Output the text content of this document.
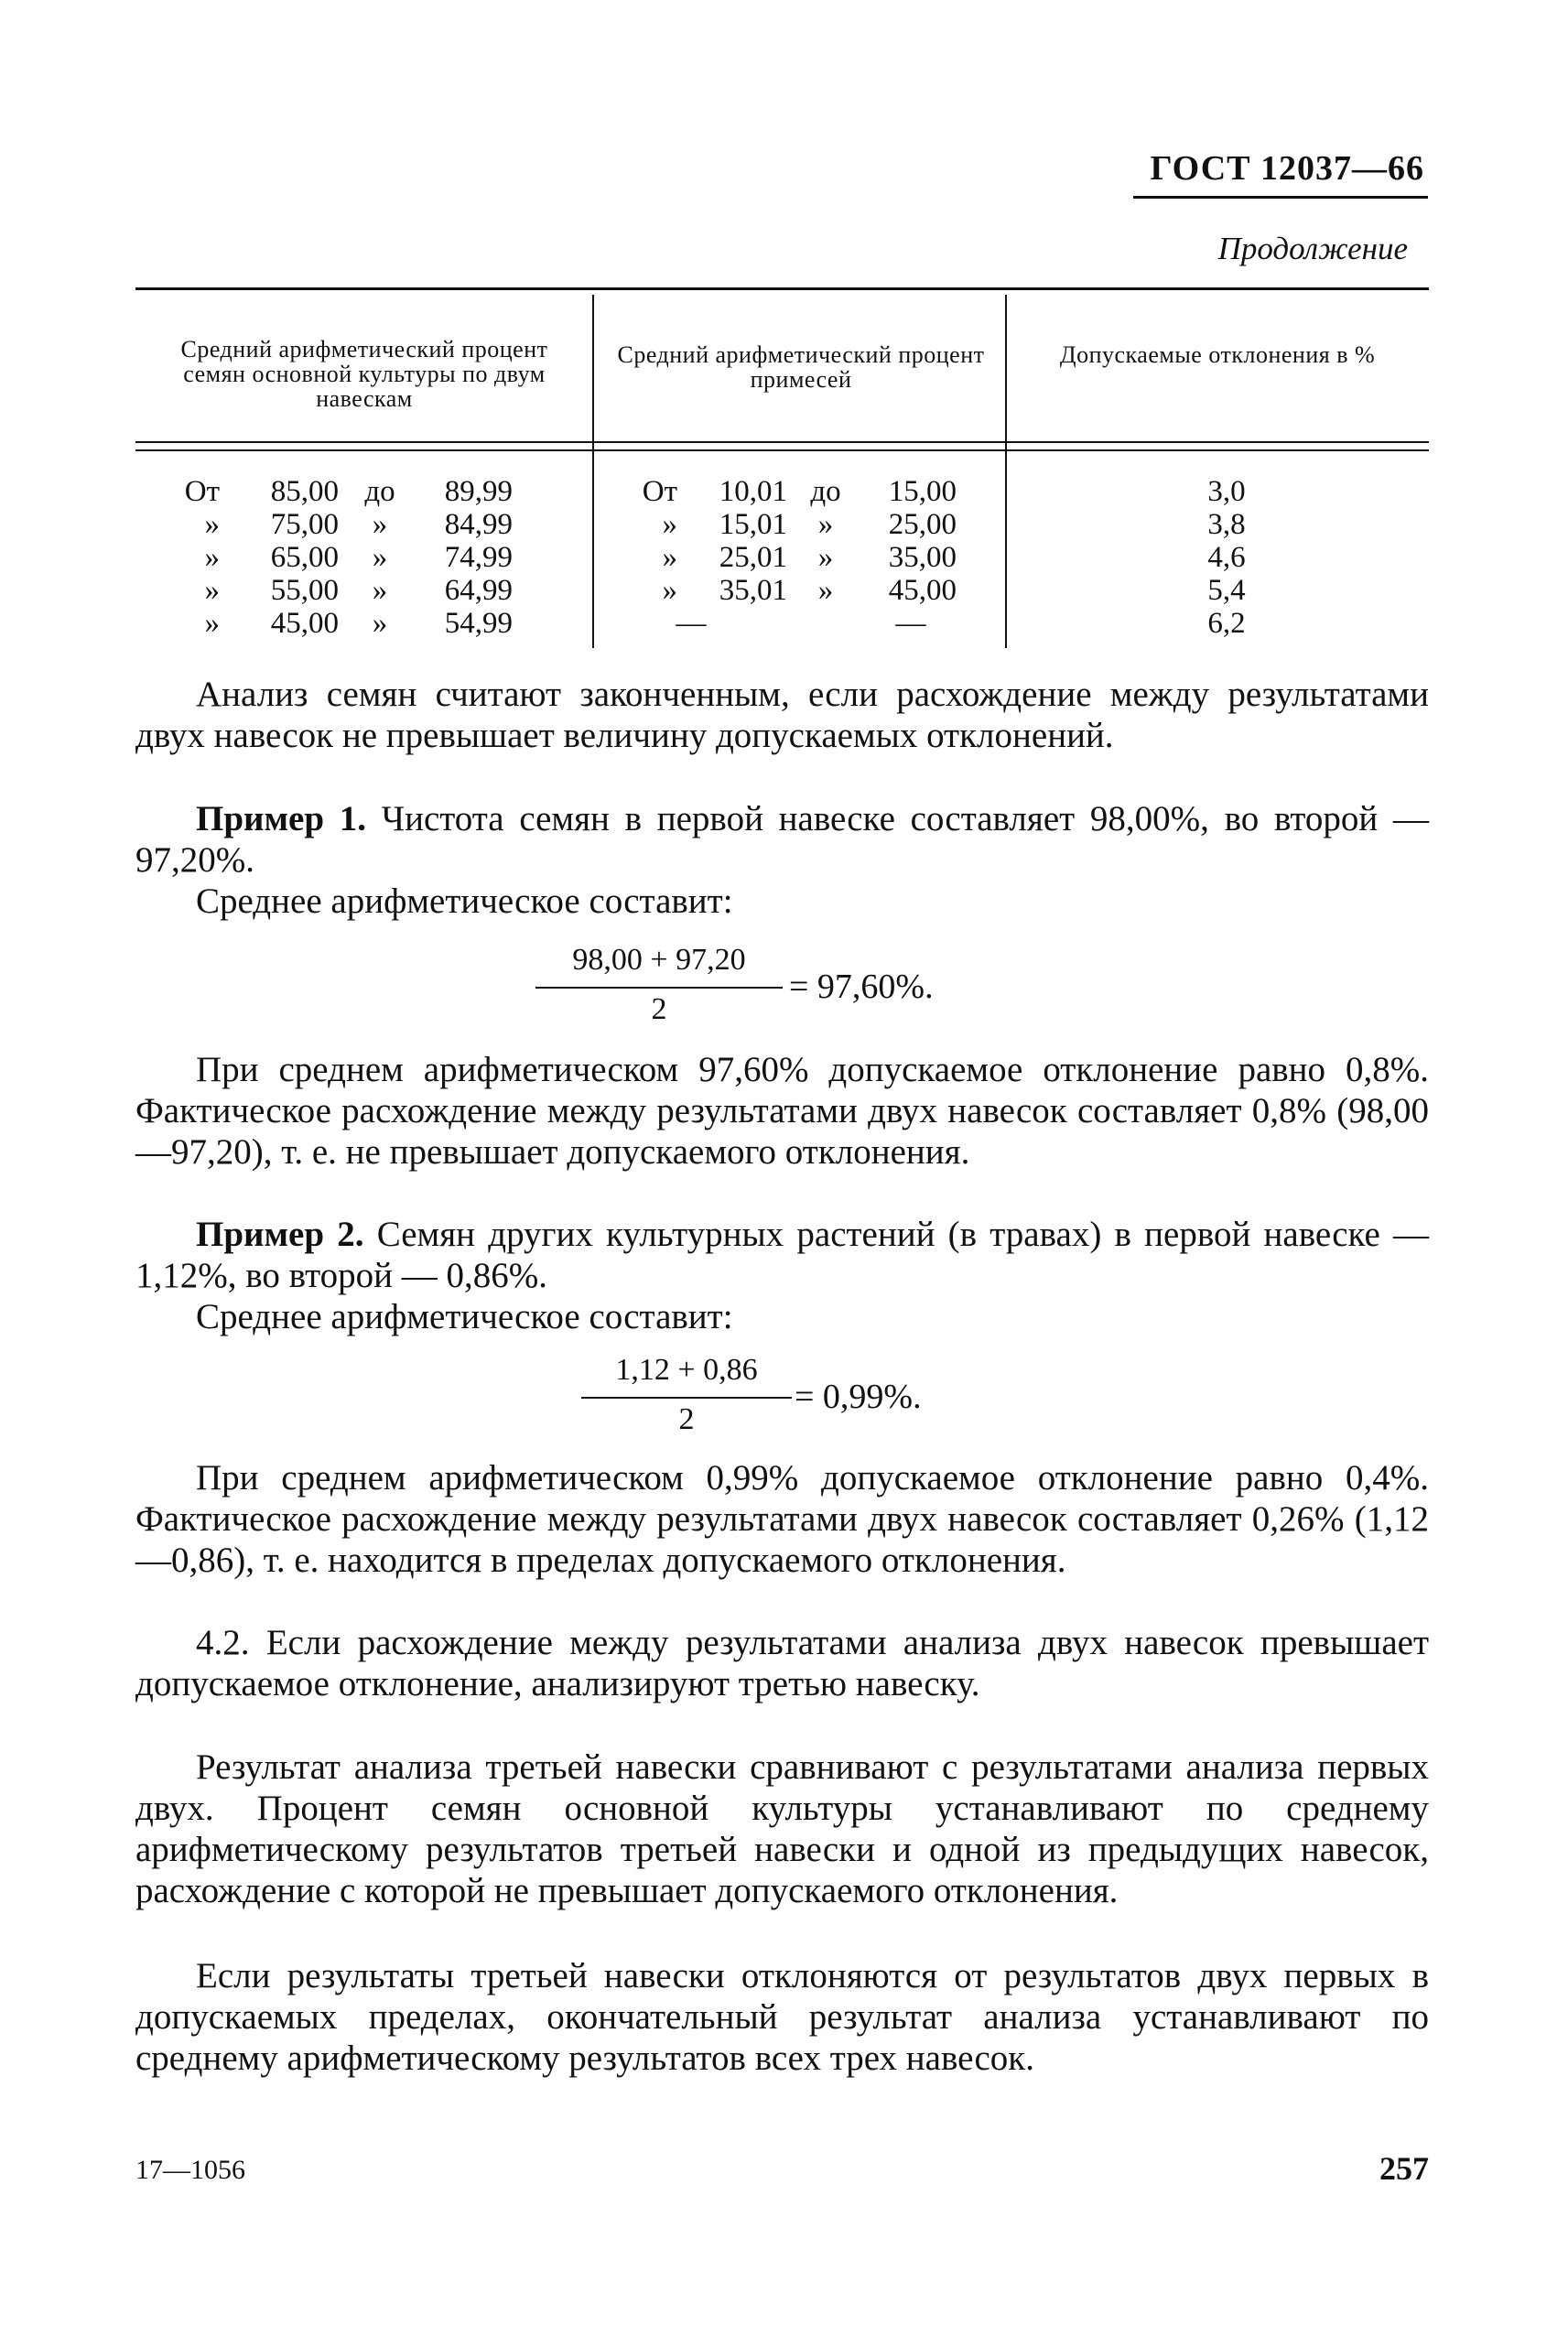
ГОСТ 12037—66
Продолжение
Средний арифметический процент семян основной культуры по двум навескам
Средний арифметический процент примесей
Допускаемые отклонения в %
От	85,00 до	89,99	От	10,01 до	15,00	3,0
»	75,00	»	84,99	»	15,01	»	25,00	3,8
»	65,00	»	74,99	»	25,01	»	35,00	4,6
»	55,00	»	64,99	»	35,01	»	45,00	5,4
»	45,00	»	54,99	—	—	6,2
Анализ семян считают законченным, если расхождение между результатами двух навесок не превышает величину допускаемых отклонений.
Пример 1. Чистота семян в первой навеске составляет 98,00%, во второй — 97,20%.
Среднее арифметическое составит:
98,00 + 97,20
2
= 97,60%.
При среднем арифметическом 97,60% допускаемое отклонение равно 0,8%. Фактическое расхождение между результатами двух навесок составляет 0,8% (98,00—97,20), т. е. не превышает допускаемого отклонения.
Пример 2. Семян других культурных растений (в травах) в первой навеске — 1,12%, во второй — 0,86%.
Среднее арифметическое составит:
1,12 + 0,86
2
= 0,99%.
При среднем арифметическом 0,99% допускаемое отклонение равно 0,4%. Фактическое расхождение между результатами двух навесок составляет 0,26% (1,12—0,86), т. е. находится в пределах допускаемого отклонения.
4.2. Если расхождение между результатами анализа двух навесок превышает допускаемое отклонение, анализируют третью навеску.
Результат анализа третьей навески сравнивают с результатами анализа первых двух. Процент семян основной культуры устанавливают по среднему арифметическому результатов третьей навески и одной из предыдущих навесок, расхождение с которой не превышает допускаемого отклонения.
Если результаты третьей навески отклоняются от результатов двух первых в допускаемых пределах, окончательный результат анализа устанавливают по среднему арифметическому результатов всех трех навесок.
17—1056	257
